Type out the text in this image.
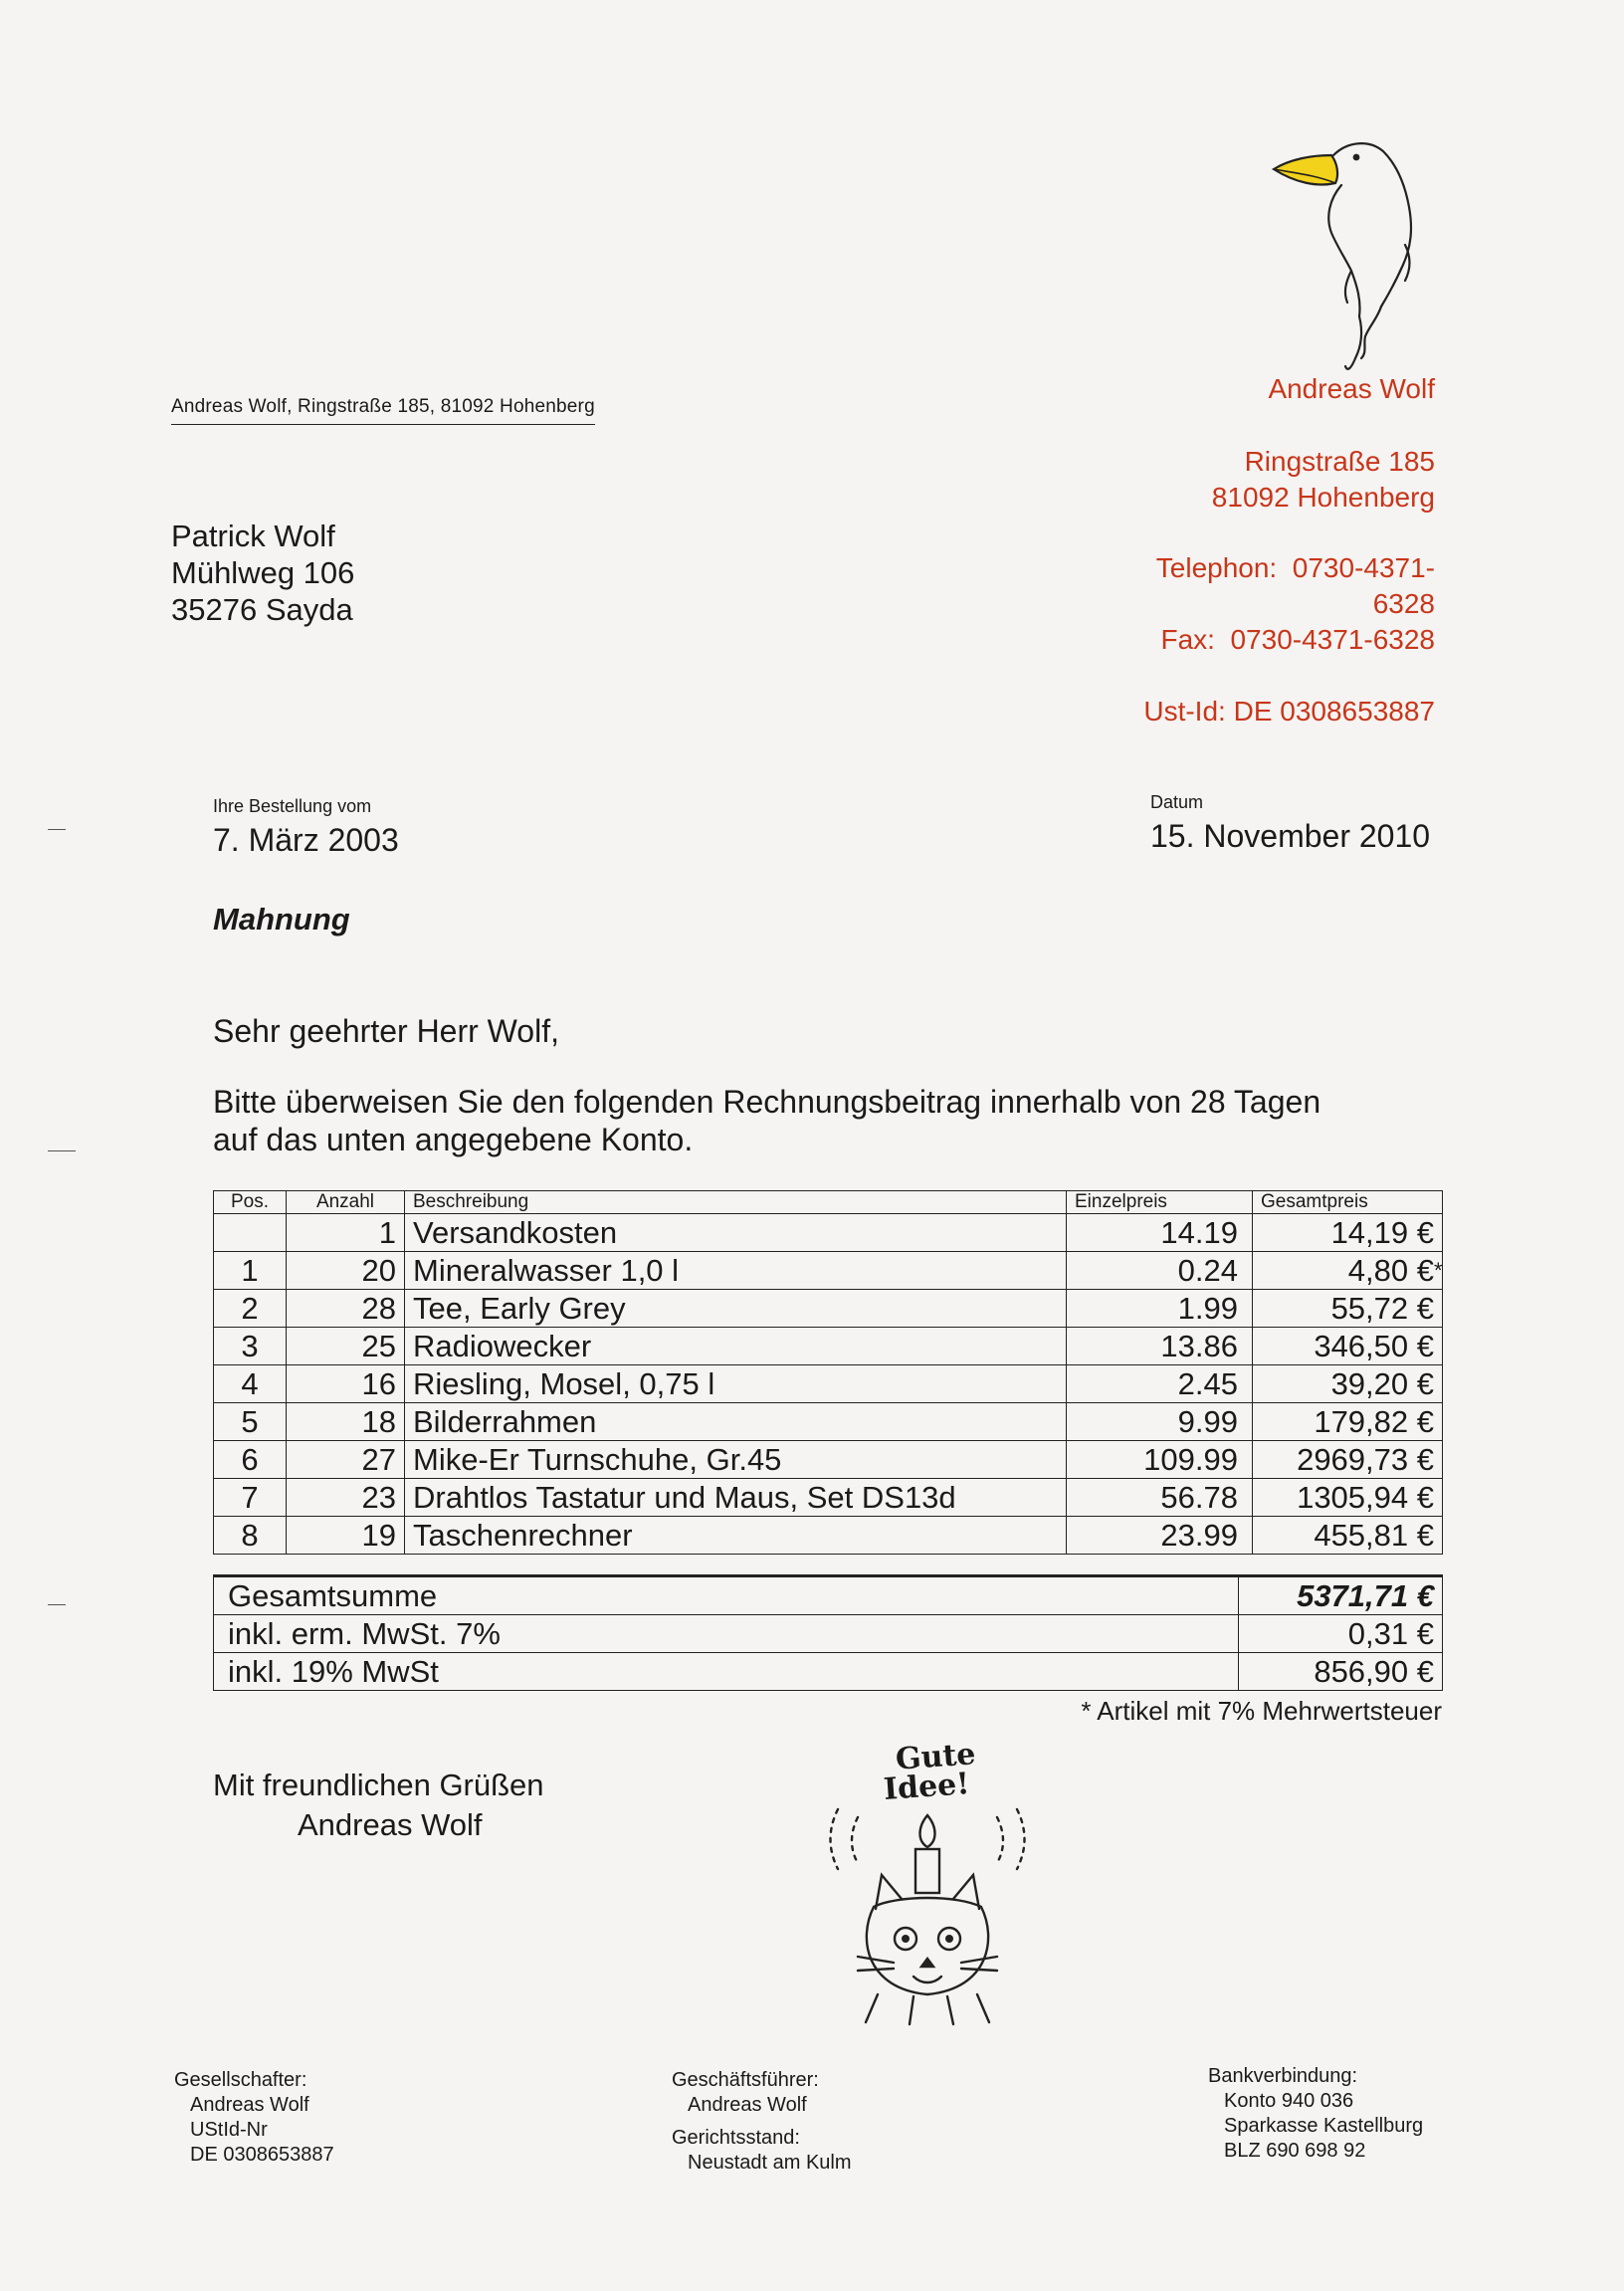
Andreas Wolf
Ringstraße 185
81092 Hohenberg
Telephon:  0730-4371-
6328
Fax:  0730-4371-6328
Ust-Id: DE 0308653887
Andreas Wolf, Ringstraße 185, 81092 Hohenberg
Patrick Wolf
Mühlweg 106
35276 Sayda
Ihre Bestellung vom
7. März 2003
Datum
15. November 2010
Mahnung
Sehr geehrter Herr Wolf,
Bitte überweisen Sie den folgenden Rechnungsbeitrag innerhalb von 28 Tagen
auf das unten angegebene Konto.
Pos.	Anzahl	Beschreibung	Einzelpreis	Gesamtpreis
	1	Versandkosten	14.19	14,19 €

1	20	Mineralwasser 1,0 l	0.24	4,80 € *

2	28	Tee, Early Grey	1.99	55,72 €

3	25	Radiowecker	13.86	346,50 €

4	16	Riesling, Mosel, 0,75 l	2.45	39,20 €

5	18	Bilderrahmen	9.99	179,82 €

6	27	Mike-Er Turnschuhe, Gr.45	109.99	2969,73 €

7	23	Drahtlos Tastatur und Maus, Set DS13d	56.78	1305,94 €

8	19	Taschenrechner	23.99	455,81 €
Gesamtsumme	5371,71 €
inkl. erm. MwSt. 7%	0,31 €
inkl. 19% MwSt	856,90 €
* Artikel mit 7% Mehrwertsteuer
Mit freundlichen Grüßen
Andreas Wolf
Gute
Idee!
Gesellschafter:
Andreas Wolf
UStId-Nr
DE 0308653887
Geschäftsführer:
Andreas Wolf
Gerichtsstand:
Neustadt am Kulm
Bankverbindung:
Konto 940 036
Sparkasse Kastellburg
BLZ 690 698 92
